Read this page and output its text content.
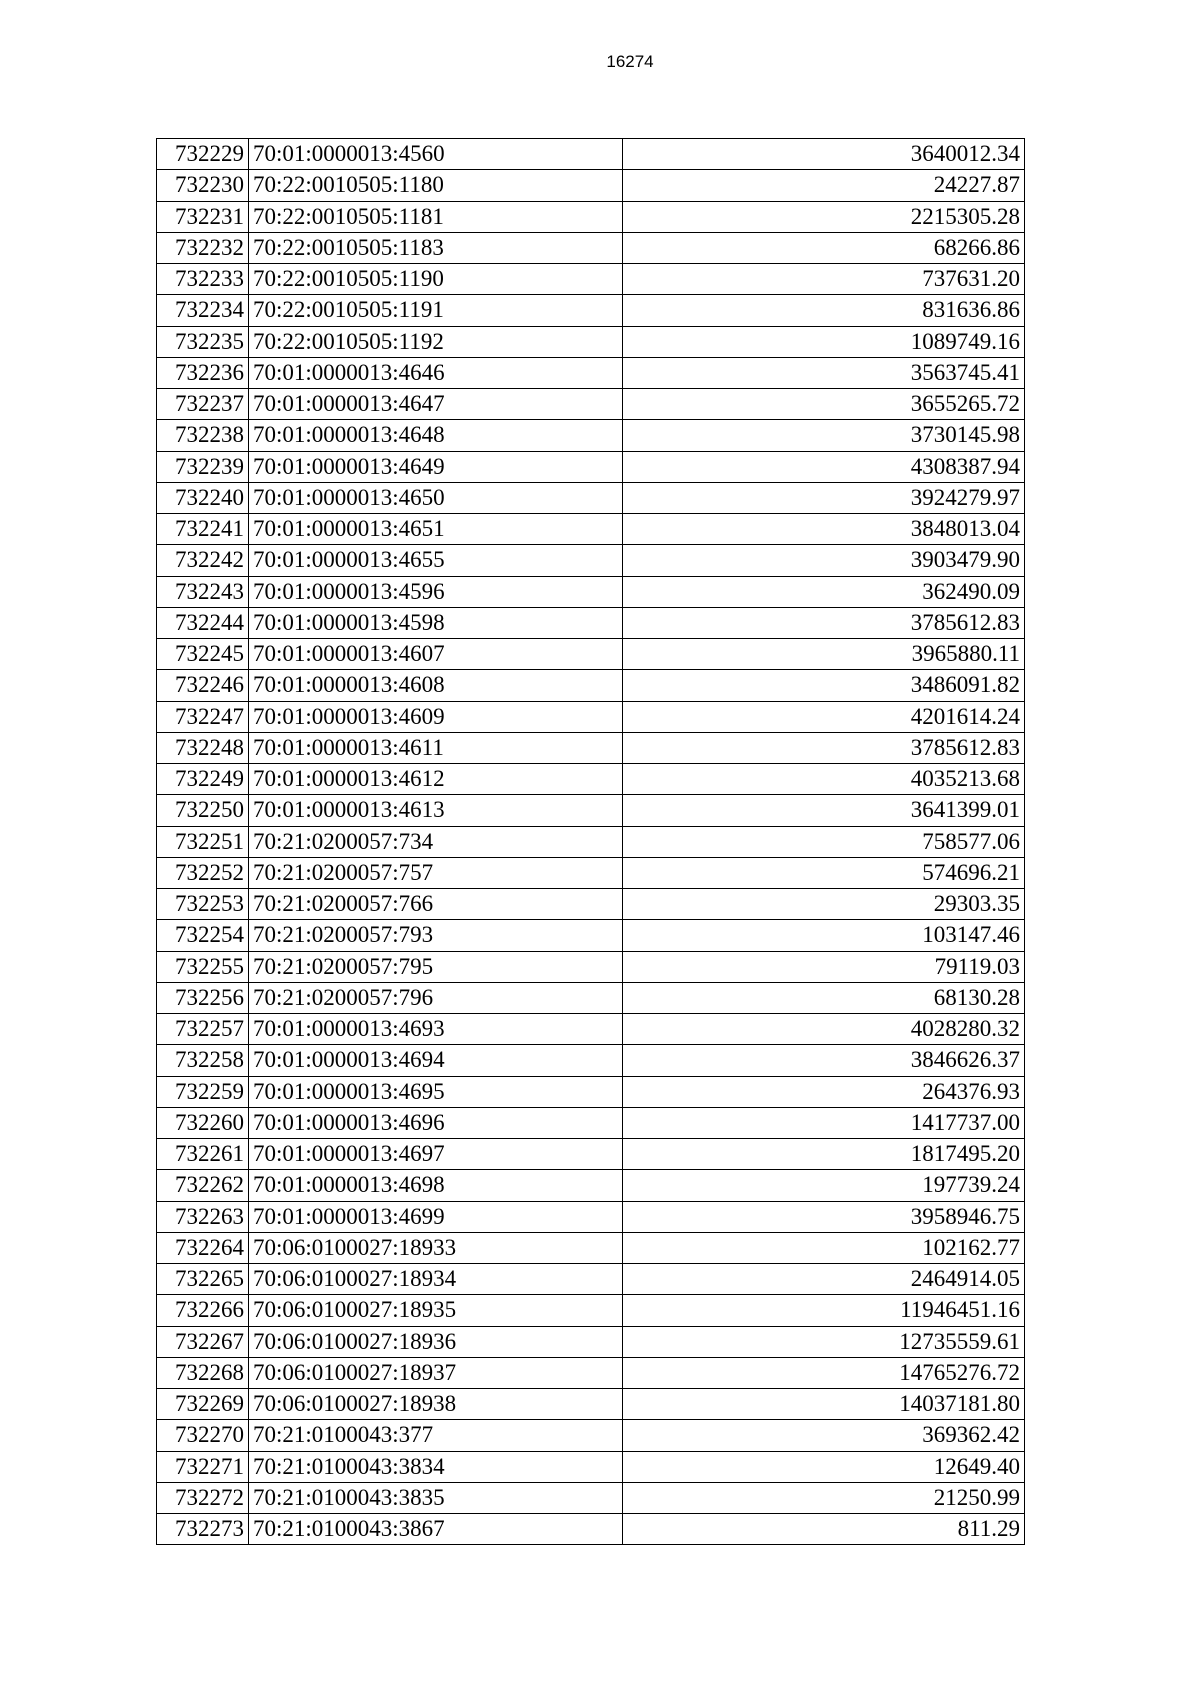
16274
732229	70:01:0000013:4560	3640012.34
732230	70:22:0010505:1180	24227.87
732231	70:22:0010505:1181	2215305.28
732232	70:22:0010505:1183	68266.86
732233	70:22:0010505:1190	737631.20
732234	70:22:0010505:1191	831636.86
732235	70:22:0010505:1192	1089749.16
732236	70:01:0000013:4646	3563745.41
732237	70:01:0000013:4647	3655265.72
732238	70:01:0000013:4648	3730145.98
732239	70:01:0000013:4649	4308387.94
732240	70:01:0000013:4650	3924279.97
732241	70:01:0000013:4651	3848013.04
732242	70:01:0000013:4655	3903479.90
732243	70:01:0000013:4596	362490.09
732244	70:01:0000013:4598	3785612.83
732245	70:01:0000013:4607	3965880.11
732246	70:01:0000013:4608	3486091.82
732247	70:01:0000013:4609	4201614.24
732248	70:01:0000013:4611	3785612.83
732249	70:01:0000013:4612	4035213.68
732250	70:01:0000013:4613	3641399.01
732251	70:21:0200057:734	758577.06
732252	70:21:0200057:757	574696.21
732253	70:21:0200057:766	29303.35
732254	70:21:0200057:793	103147.46
732255	70:21:0200057:795	79119.03
732256	70:21:0200057:796	68130.28
732257	70:01:0000013:4693	4028280.32
732258	70:01:0000013:4694	3846626.37
732259	70:01:0000013:4695	264376.93
732260	70:01:0000013:4696	1417737.00
732261	70:01:0000013:4697	1817495.20
732262	70:01:0000013:4698	197739.24
732263	70:01:0000013:4699	3958946.75
732264	70:06:0100027:18933	102162.77
732265	70:06:0100027:18934	2464914.05
732266	70:06:0100027:18935	11946451.16
732267	70:06:0100027:18936	12735559.61
732268	70:06:0100027:18937	14765276.72
732269	70:06:0100027:18938	14037181.80
732270	70:21:0100043:377	369362.42
732271	70:21:0100043:3834	12649.40
732272	70:21:0100043:3835	21250.99
732273	70:21:0100043:3867	811.29
